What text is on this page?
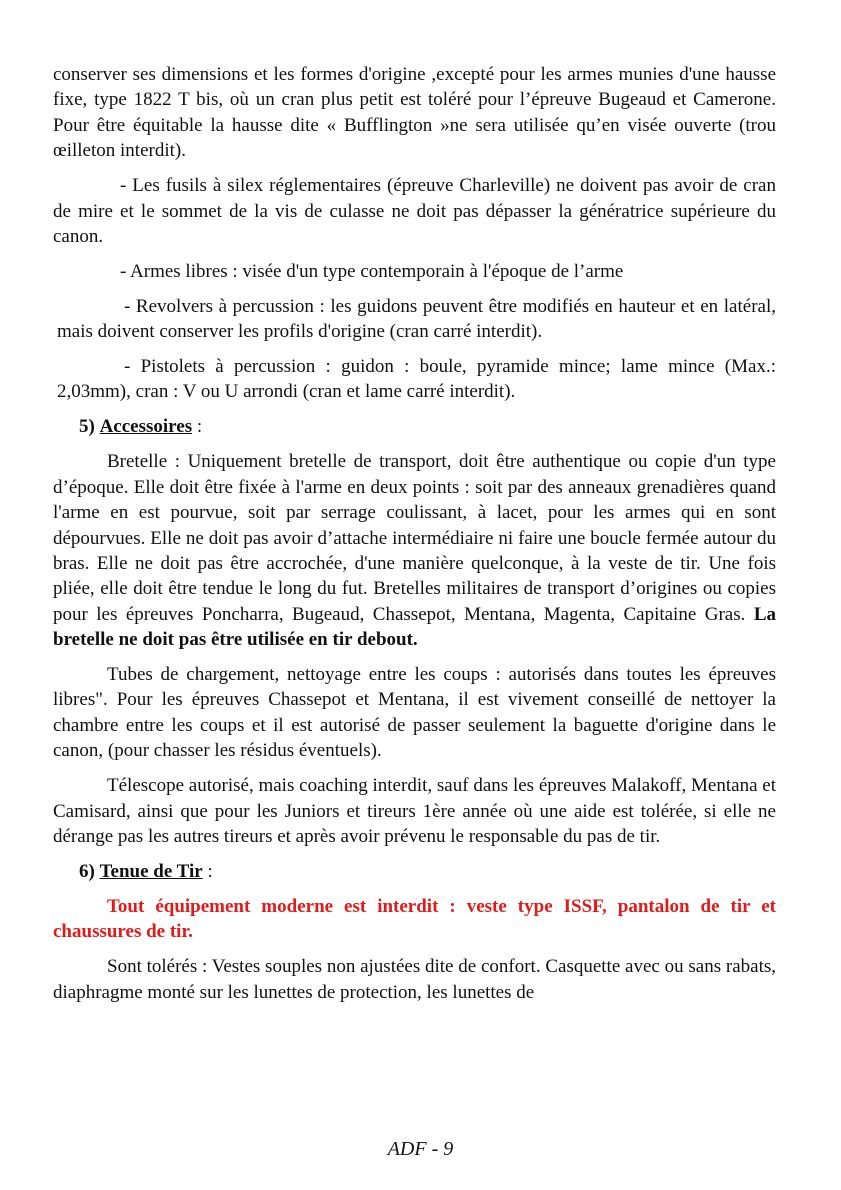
conserver ses dimensions et les formes d'origine ,excepté pour les armes munies d'une hausse fixe, type 1822 T bis, où un cran plus petit est toléré pour l’épreuve Bugeaud et Camerone. Pour être équitable la hausse dite « Bufflington »ne sera utilisée qu’en visée ouverte (trou œilleton interdit).

- Les fusils à silex réglementaires (épreuve Charleville) ne doivent pas avoir de cran de mire et le sommet de la vis de culasse ne doit pas dépasser la génératrice supérieure du canon.

- Armes libres : visée d'un type contemporain à l'époque de l’arme

- Revolvers à percussion : les guidons peuvent être modifiés en hauteur et en latéral, mais doivent conserver les profils d'origine (cran carré interdit).

- Pistolets à percussion : guidon : boule, pyramide mince; lame mince (Max.: 2,03mm), cran : V ou U arrondi (cran et lame carré interdit).

5) Accessoires :

Bretelle : Uniquement bretelle de transport, doit être authentique ou copie d'un type d’époque. Elle doit être fixée à l'arme en deux points : soit par des anneaux grenadières quand l'arme en est pourvue, soit par serrage coulissant, à lacet, pour les armes qui en sont dépourvues. Elle ne doit pas avoir d’attache intermédiaire ni faire une boucle fermée autour du bras. Elle ne doit pas être accrochée, d'une manière quelconque, à la veste de tir. Une fois pliée, elle doit être tendue le long du fut. Bretelles militaires de transport d’origines ou copies pour les épreuves Poncharra, Bugeaud, Chassepot, Mentana, Magenta, Capitaine Gras. La bretelle ne doit pas être utilisée en tir debout.

Tubes de chargement, nettoyage entre les coups : autorisés dans toutes les épreuves libres". Pour les épreuves Chassepot et Mentana, il est vivement conseillé de nettoyer la chambre entre les coups et il est autorisé de passer seulement la baguette d'origine dans le canon, (pour chasser les résidus éventuels).

Télescope autorisé, mais coaching interdit, sauf dans les épreuves Malakoff, Mentana et Camisard, ainsi que pour les Juniors et tireurs 1ère année où une aide est tolérée, si elle ne dérange pas les autres tireurs et après avoir prévenu le responsable du pas de tir.

6) Tenue de Tir :

Tout équipement moderne est interdit : veste type ISSF, pantalon de tir et chaussures de tir.

Sont tolérés : Vestes souples non ajustées dite de confort. Casquette avec ou sans rabats, diaphragme monté sur les lunettes de protection, les lunettes de

ADF - 9
